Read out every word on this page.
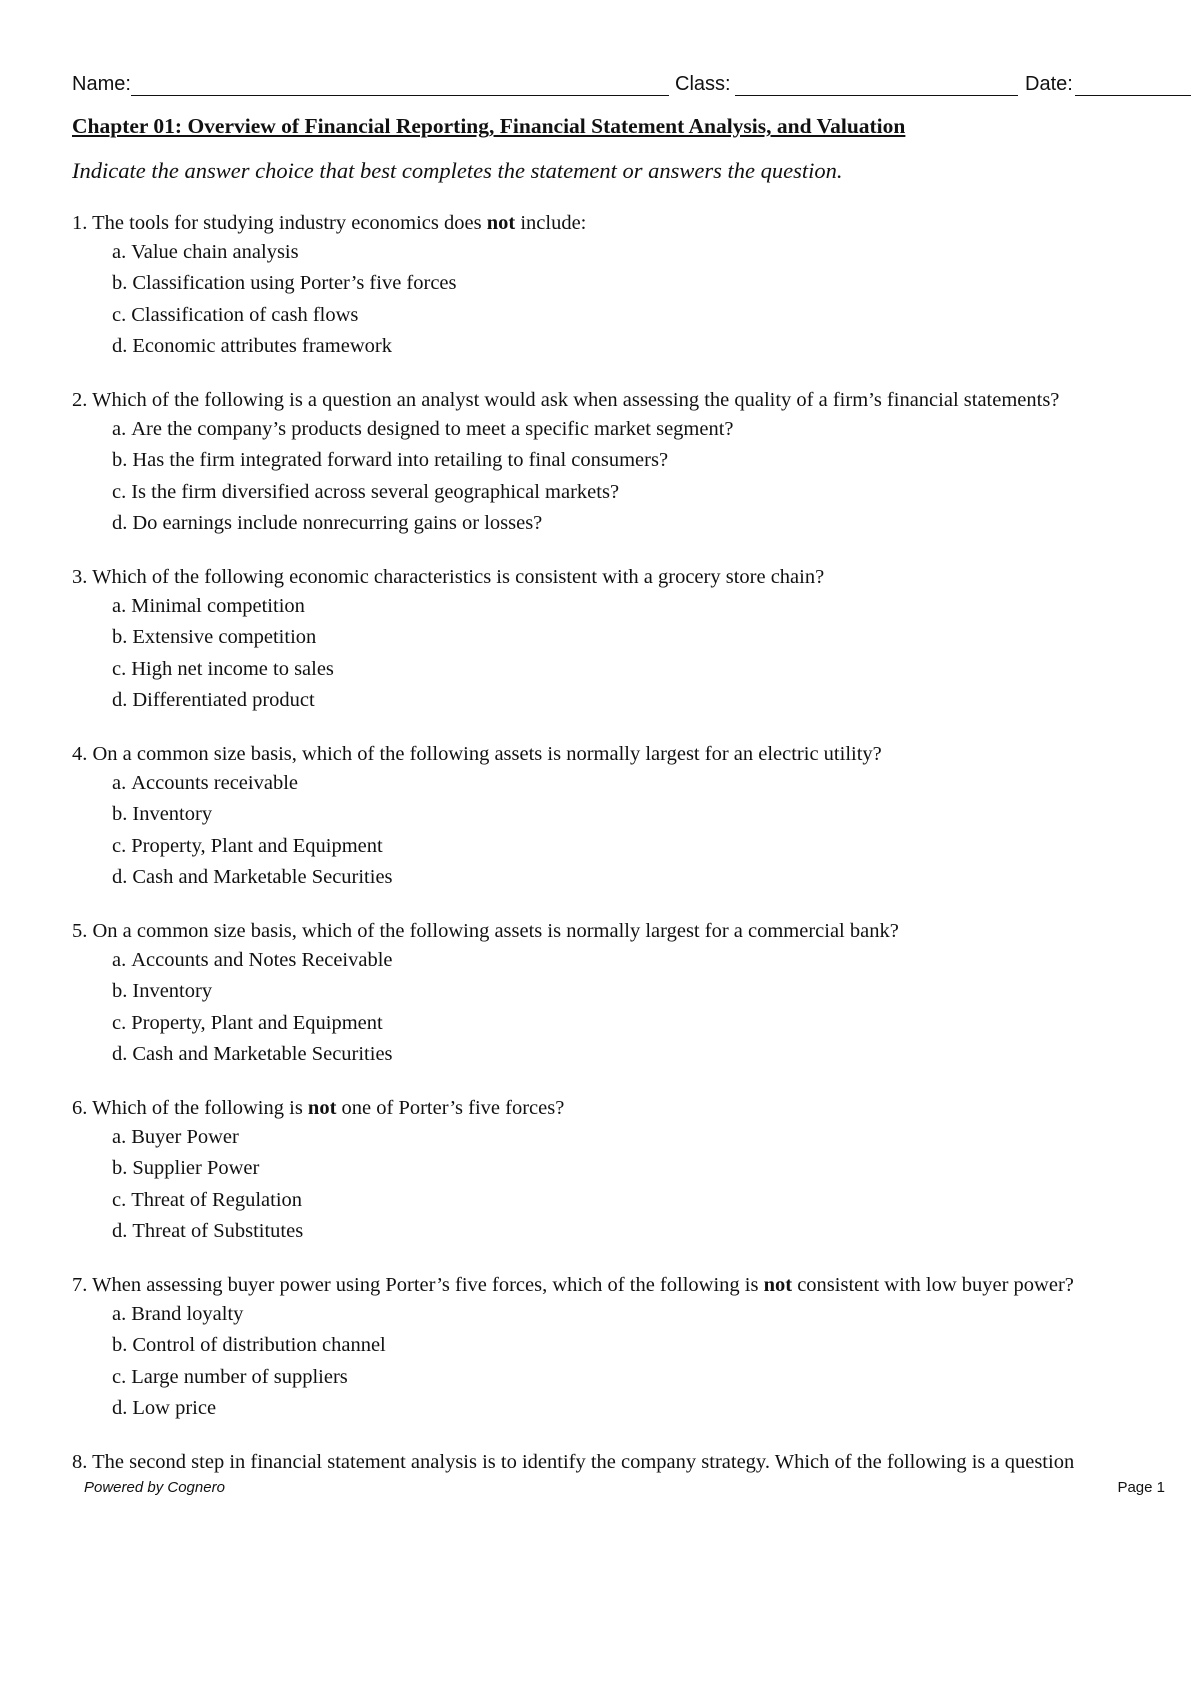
Name:	Class:	Date:
Chapter 01: Overview of Financial Reporting, Financial Statement Analysis, and Valuation

Indicate the answer choice that best completes the statement or answers the question.

1. The tools for studying industry economics does not include:
a. Value chain analysis
b. Classification using Porter’s five forces
c. Classification of cash flows
d. Economic attributes framework
2. Which of the following is a question an analyst would ask when assessing the quality of a firm’s financial statements?
a. Are the company’s products designed to meet a specific market segment?
b. Has the firm integrated forward into retailing to final consumers?
c. Is the firm diversified across several geographical markets?
d. Do earnings include nonrecurring gains or losses?
3. Which of the following economic characteristics is consistent with a grocery store chain?
a. Minimal competition
b. Extensive competition
c. High net income to sales
d. Differentiated product
4. On a common size basis, which of the following assets is normally largest for an electric utility?
a. Accounts receivable
b. Inventory
c. Property, Plant and Equipment
d. Cash and Marketable Securities
5. On a common size basis, which of the following assets is normally largest for a commercial bank?
a. Accounts and Notes Receivable
b. Inventory
c. Property, Plant and Equipment
d. Cash and Marketable Securities
6. Which of the following is not one of Porter’s five forces?
a. Buyer Power
b. Supplier Power
c. Threat of Regulation
d. Threat of Substitutes
7. When assessing buyer power using Porter’s five forces, which of the following is not consistent with low buyer power?
a. Brand loyalty
b. Control of distribution channel
c. Large number of suppliers
d. Low price
8. The second step in financial statement analysis is to identify the company strategy. Which of the following is a question
Powered by Cognero	Page 1
